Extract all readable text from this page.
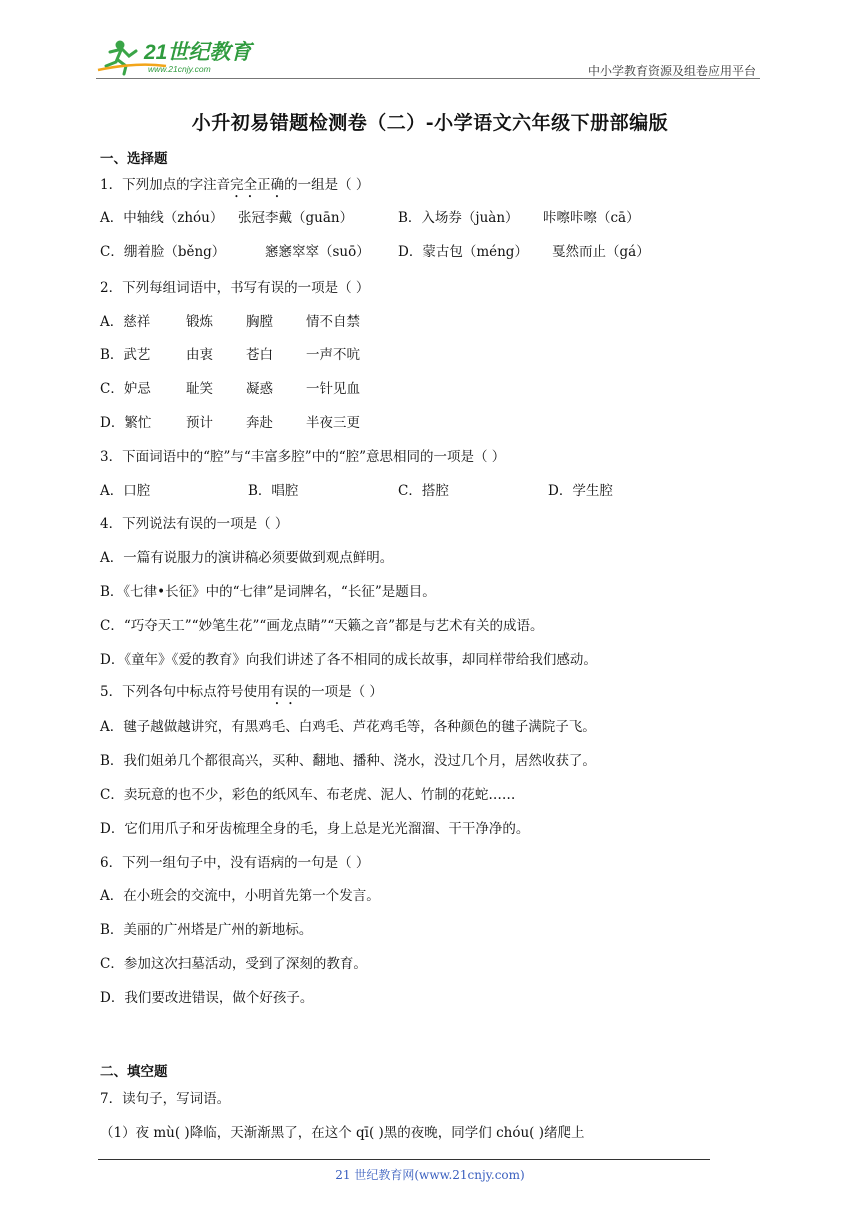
21世纪教育
www.21cnjy.com	中小学教育资源及组卷应用平台
小升初易错题检测卷（二）-小学语文六年级下册部编版
一、选择题
1．下列加点的字注音完全正确的一组是（ ）
A．中轴线（zhóu） 张冠李戴（guān）	B．入场券（juàn） 咔嚓咔嚓（cā）
C．绷着脸（běng）	窸窸窣窣（suō） D．蒙古包（méng） 戛然而止（gá）
2．下列每组词语中，书写有误的一项是（ ）
A．慈祥	锻炼 胸膛 情不自禁
B．武艺	由衷 苍白 一声不吭
C．妒忌	耻笑 凝惑 一针见血
D．繁忙	预计 奔赴 半夜三更
3．下面词语中的“腔”与“丰富多腔”中的“腔”意思相同的一项是（ ）
A．口腔	B．唱腔	C．搭腔	D．学生腔
4．下列说法有误的一项是（ ）
A．一篇有说服力的演讲稿必须要做到观点鲜明。
B．《七律•长征》中的“七律”是词牌名，“长征”是题目。
C．“巧夺天工”“妙笔生花”“画龙点睛”“天籁之音”都是与艺术有关的成语。
D．《童年》《爱的教育》向我们讲述了各不相同的成长故事，却同样带给我们感动。
5．下列各句中标点符号使用有误的一项是（ ）
A．毽子越做越讲究，有黑鸡毛、白鸡毛、芦花鸡毛等，各种颜色的毽子满院子飞。
B．我们姐弟几个都很高兴，买种、翻地、播种、浇水，没过几个月，居然收获了。
C．卖玩意的也不少，彩色的纸风车、布老虎、泥人、竹制的花蛇……
D．它们用爪子和牙齿梳理全身的毛，身上总是光光溜溜、干干净净的。
6．下列一组句子中，没有语病的一句是（ ）
A．在小班会的交流中，小明首先第一个发言。
B．美丽的广州塔是广州的新地标。
C．参加这次扫墓活动，受到了深刻的教育。
D．我们要改进错误，做个好孩子。
二、填空题
7．读句子，写词语。
（1）夜 mù( )降临，天渐渐黑了，在这个 qī( )黑的夜晚，同学们 chóu( )绪爬上
21 世纪教育网(www.21cnjy.com)
